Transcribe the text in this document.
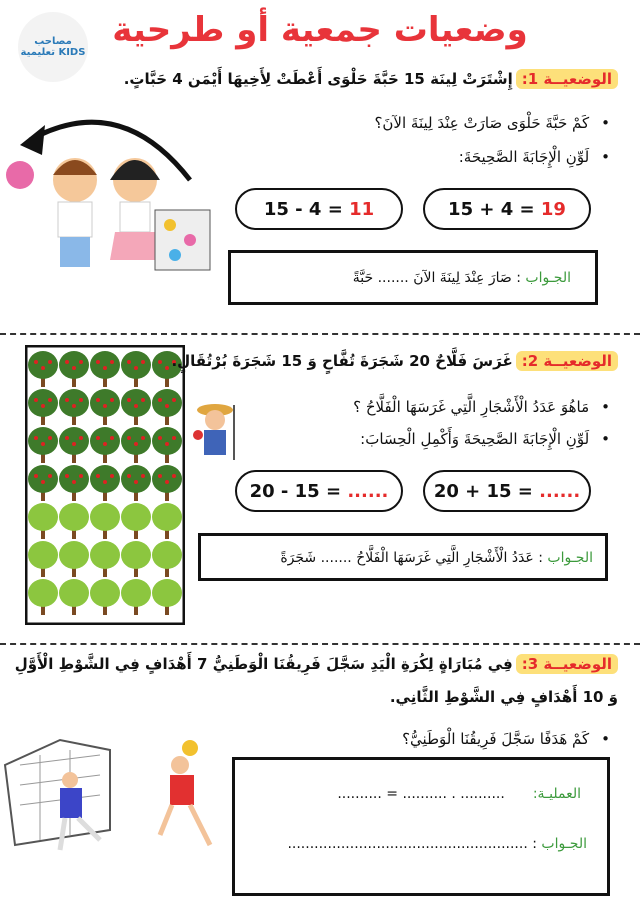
مصاحب تعليمية KIDS
وضعيات جمعية أو طرحية
الوضعيــة 1:إِشْتَرَتْ لِينَة 15 حَبَّةَ حَلْوَى أَعْطَتْ لِأَخِيهَا أَيْمَن 4 حَبَّاتٍ.
• كَمْ حَبَّةَ حَلْوَى صَارَتْ عِنْدَ لِينَةَ الآنَ؟
• لَوِّنِ الْإِجَابَةَ الصَّحِيحَةَ:
15 - 4 =
11	15 + 4 =
19
الجـواب : صَارَ عِنْدَ لِينَةَ الآنَ ....... حَبَّةً
الوضعيــة 2:غَرَسَ فَلَّاحٌ 20 شَجَرَةَ تُفَّاحٍ وَ 15 شَجَرَةَ بُرْتُقَالٍ.
• مَاهُوَ عَدَدُ الْأَشْجَارِ الَّتِي غَرَسَهَا الْفَلَّاحُ ؟
• لَوِّنِ الْإِجَابَةَ الصَّحِيحَةَ وَأَكْمِلِ الْحِسَابَ:
20 - 15 =
......	20 + 15 =
......
الجـواب : عَدَدُ الْأَشْجَارِ الَّتِي غَرَسَهَا الْفَلَّاحُ ....... شَجَرَةً
الوضعيــة 3:فِي مُبَارَاةٍ لِكُرَةِ الْيَدِ سَجَّلَ فَرِيقُنَا الْوَطَنِيُّ 7 أَهْدَافٍ فِي الشَّوْطِ الْأَوَّلِ
وَ 10 أَهْدَافٍ فِي الشَّوْطِ الثَّانِي.
• كَمْ هَدَفًا سَجَّلَ فَرِيقُنَا الْوَطَنِيُّ؟
العمليـة:
.......... = .......... . ..........
الجـواب : ......................................................
